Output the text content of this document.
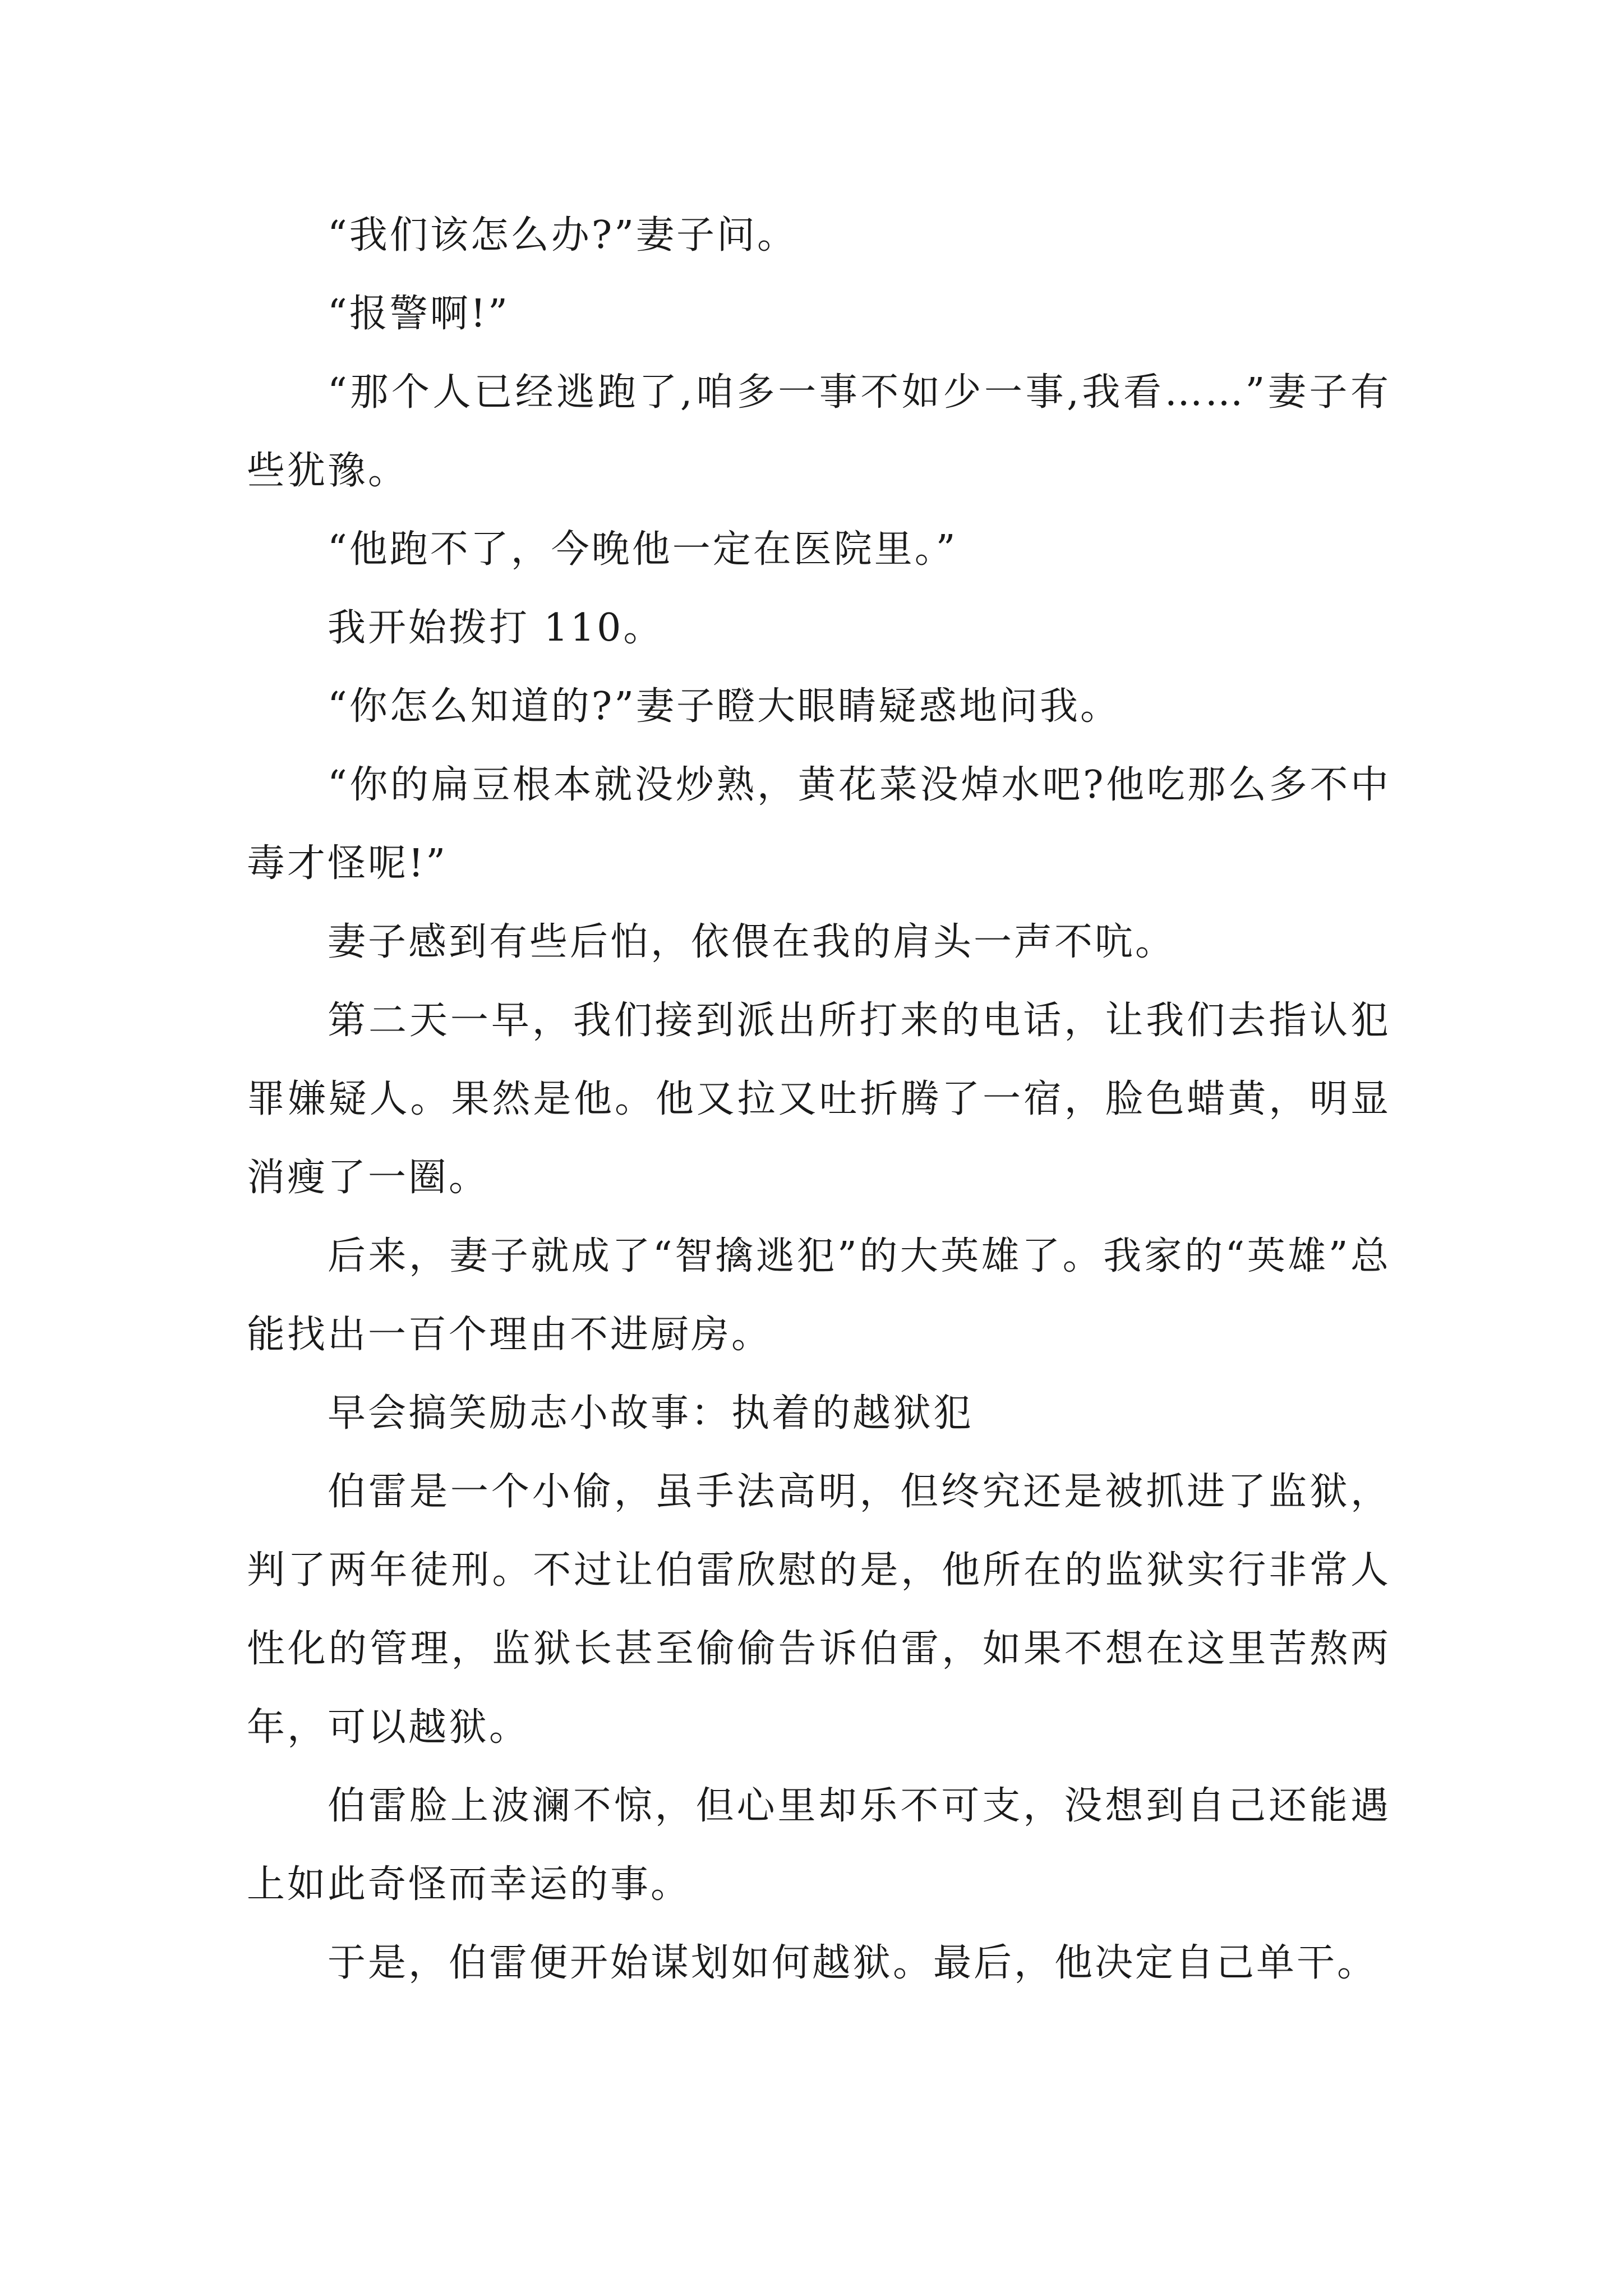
“我们该怎么办?”妻子问。

“报警啊!”

“那个人已经逃跑了,咱多一事不如少一事,我看……”妻子有些犹豫。

“他跑不了，今晚他一定在医院里。”

我开始拨打 110。

“你怎么知道的?”妻子瞪大眼睛疑惑地问我。

“你的扁豆根本就没炒熟，黄花菜没焯水吧?他吃那么多不中毒才怪呢!”

妻子感到有些后怕，依偎在我的肩头一声不吭。

第二天一早，我们接到派出所打来的电话，让我们去指认犯罪嫌疑人。果然是他。他又拉又吐折腾了一宿，脸色蜡黄，明显消瘦了一圈。

后来，妻子就成了“智擒逃犯”的大英雄了。我家的“英雄”总能找出一百个理由不进厨房。

早会搞笑励志小故事：执着的越狱犯

伯雷是一个小偷，虽手法高明，但终究还是被抓进了监狱，判了两年徒刑。不过让伯雷欣慰的是，他所在的监狱实行非常人性化的管理，监狱长甚至偷偷告诉伯雷，如果不想在这里苦熬两年，可以越狱。

伯雷脸上波澜不惊，但心里却乐不可支，没想到自己还能遇上如此奇怪而幸运的事。

于是，伯雷便开始谋划如何越狱。最后，他决定自己单干。
